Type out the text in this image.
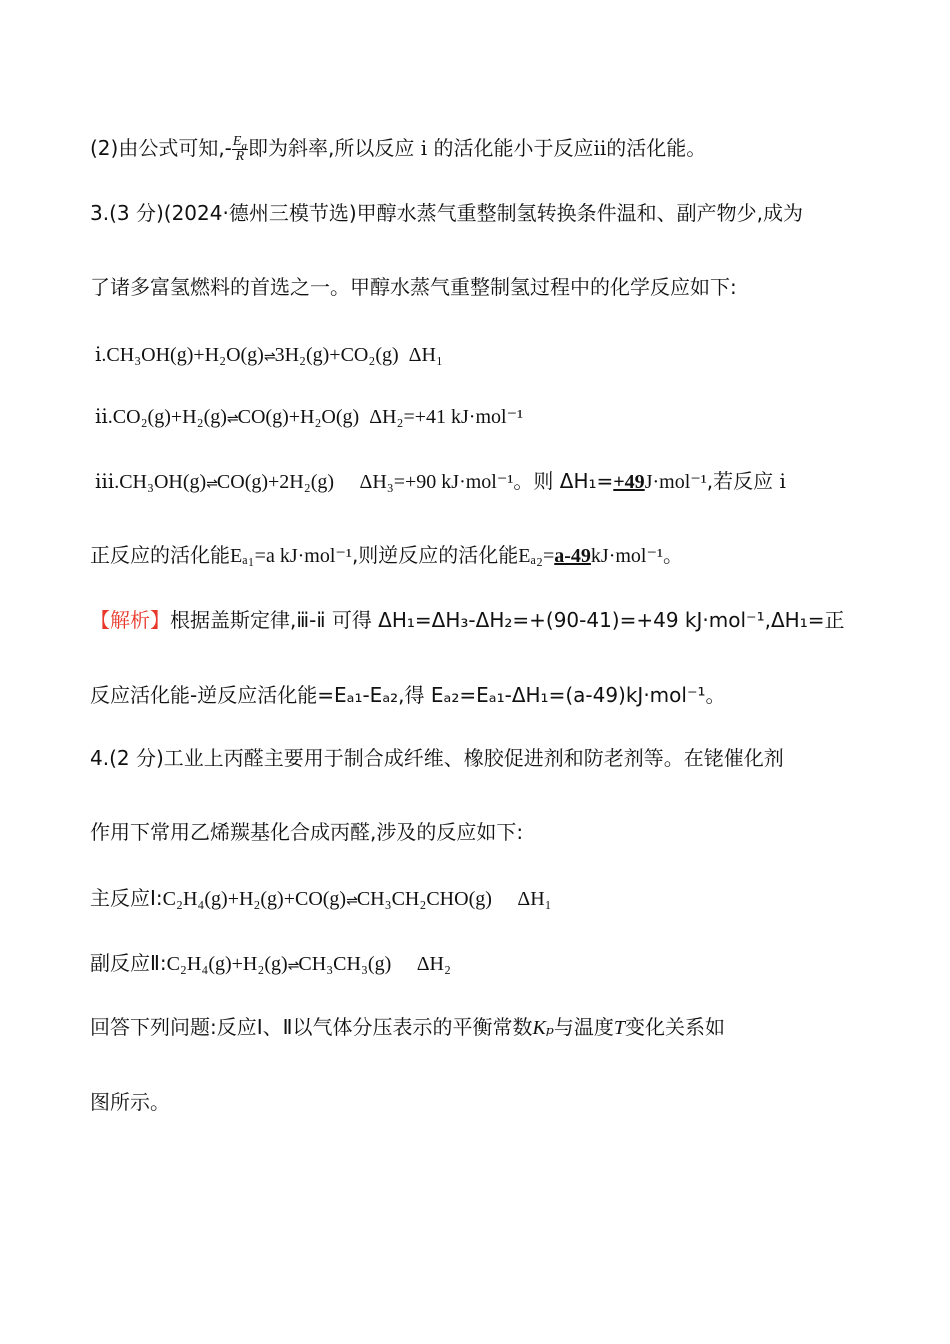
(2)由公式可知,- $\frac{E_a}{R}$ 即为斜率,所以反应 ⅰ 的活化能小于反应ⅱ的活化能。
3.(3 分)(2024·德州三模节选)甲醇水蒸气重整制氢转换条件温和、副产物少,成为
了诸多富氢燃料的首选之一。甲醇水蒸气重整制氢过程中的化学反应如下:
ⅰ.CH₃OH(g)+H₂O(g)⇌3H₂(g)+CO₂(g) ΔH₁
ⅱ.CO₂(g)+H₂(g)⇌CO(g)+H₂O(g) ΔH₂=+41 kJ·mol⁻¹
ⅲ.CH₃OH(g)⇌CO(g)+2H₂(g) ΔH₃=+90 kJ·mol⁻¹。则 ΔH₁=+49J·mol⁻¹,若反应 ⅰ
正反应的活化能Eₐ₁=a kJ·mol⁻¹,则逆反应的活化能Eₐ₂=a-49kJ·mol⁻¹。
【解析】根据盖斯定律,ⅲ-ⅱ 可得 ΔH₁=ΔH₃-ΔH₂=+(90-41)=+49 kJ·mol⁻¹,ΔH₁=正
反应活化能-逆反应活化能=Eₐ₁-Eₐ₂,得 Eₐ₂=Eₐ₁-ΔH₁=(a-49)kJ·mol⁻¹。
4.(2 分)工业上丙醛主要用于制合成纤维、橡胶促进剂和防老剂等。在铑催化剂
作用下常用乙烯羰基化合成丙醛,涉及的反应如下:
主反应Ⅰ:C₂H₄(g)+H₂(g)+CO(g)⇌CH₃CH₂CHO(g) ΔH₁
副反应Ⅱ:C₂H₄(g)+H₂(g)⇌CH₃CH₃(g) ΔH₂
回答下列问题:反应Ⅰ、Ⅱ以气体分压表示的平衡常数Kₚ与温度T变化关系如
图所示。
